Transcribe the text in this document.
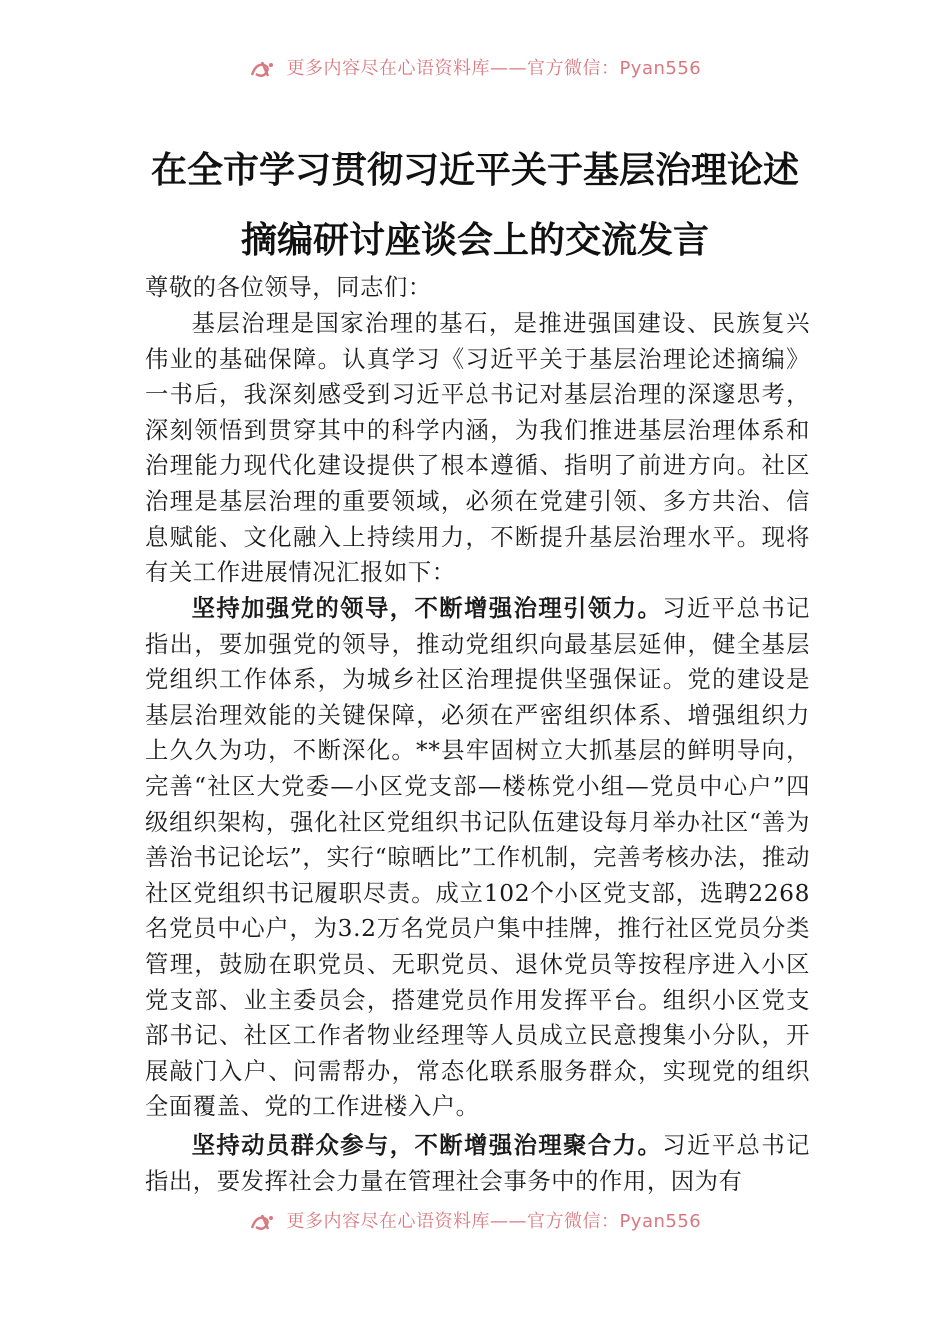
更多内容尽在心语资料库——官方微信：Pyan556
在全市学习贯彻习近平关于基层治理论述
摘编研讨座谈会上的交流发言

尊敬的各位领导，同志们：

基层治理是国家治理的基石，是推进强国建设、民族复兴伟业的基础保障。认真学习《习近平关于基层治理论述摘编》一书后，我深刻感受到习近平总书记对基层治理的深邃思考，深刻领悟到贯穿其中的科学内涵，为我们推进基层治理体系和治理能力现代化建设提供了根本遵循、指明了前进方向。社区治理是基层治理的重要领域，必须在党建引领、多方共治、信息赋能、文化融入上持续用力，不断提升基层治理水平。现将有关工作进展情况汇报如下：

坚持加强党的领导，不断增强治理引领力。习近平总书记指出，要加强党的领导，推动党组织向最基层延伸，健全基层党组织工作体系，为城乡社区治理提供坚强保证。党的建设是基层治理效能的关键保障，必须在严密组织体系、增强组织力上久久为功，不断深化。**县牢固树立大抓基层的鲜明导向，完善“社区大党委—小区党支部—楼栋党小组—党员中心户”四级组织架构，强化社区党组织书记队伍建设每月举办社区“善为善治书记论坛”，实行“晾晒比”工作机制，完善考核办法，推动社区党组织书记履职尽责。成立102个小区党支部，选聘2268名党员中心户，为3.2万名党员户集中挂牌，推行社区党员分类管理，鼓励在职党员、无职党员、退休党员等按程序进入小区党支部、业主委员会，搭建党员作用发挥平台。组织小区党支部书记、社区工作者物业经理等人员成立民意搜集小分队，开展敲门入户、问需帮办，常态化联系服务群众，实现党的组织全面覆盖、党的工作进楼入户。

坚持动员群众参与，不断增强治理聚合力。习近平总书记指出，要发挥社会力量在管理社会事务中的作用，因为有

更多内容尽在心语资料库——官方微信：Pyan556
